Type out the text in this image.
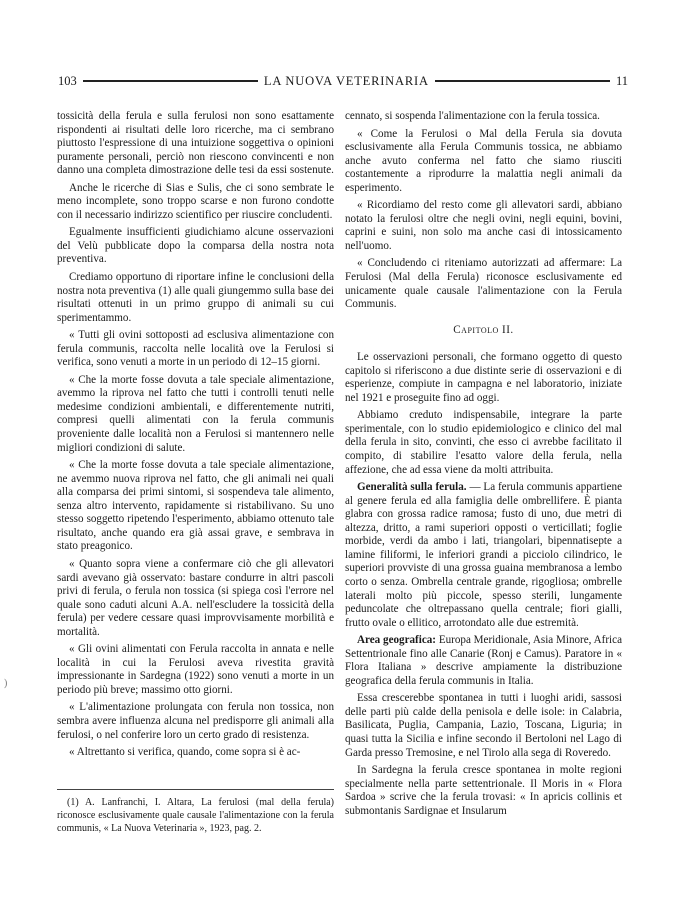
103	LA NUOVA VETERINARIA	11

tossicità della ferula e sulla ferulosi non sono esattamente rispondenti ai risultati delle loro ricerche, ma ci sembrano piuttosto l'espressione di una intuizione soggettiva o opinioni puramente personali, perciò non riescono convincenti e non danno una completa dimostrazione delle tesi da essi sostenute.

Anche le ricerche di Sias e Sulis, che ci sono sembrate le meno incomplete, sono troppo scarse e non furono condotte con il necessario indirizzo scientifico per riuscire concludenti.

Egualmente insufficienti giudichiamo alcune osservazioni del Velù pubblicate dopo la comparsa della nostra nota preventiva.

Crediamo opportuno di riportare infine le conclusioni della nostra nota preventiva (1) alle quali giungemmo sulla base dei risultati ottenuti in un primo gruppo di animali su cui sperimentammo.

« Tutti gli ovini sottoposti ad esclusiva alimentazione con ferula communis, raccolta nelle località ove la Ferulosi si verifica, sono venuti a morte in un periodo di 12–15 giorni.

« Che la morte fosse dovuta a tale speciale alimentazione, avemmo la riprova nel fatto che tutti i controlli tenuti nelle medesime condizioni ambientali, e differentemente nutriti, compresi quelli alimentati con la ferula communis proveniente dalle località non a Ferulosi si mantennero nelle migliori condizioni di salute.

« Che la morte fosse dovuta a tale speciale alimentazione, ne avemmo nuova riprova nel fatto, che gli animali nei quali alla comparsa dei primi sintomi, si sospendeva tale alimento, senza altro intervento, rapidamente si ristabilivano. Su uno stesso soggetto ripetendo l'esperimento, abbiamo ottenuto tale risultato, anche quando era già assai grave, e sembrava in stato preagonico.

« Quanto sopra viene a confermare ciò che gli allevatori sardi avevano già osservato: bastare condurre in altri pascoli privi di ferula, o ferula non tossica (si spiega così l'errore nel quale sono caduti alcuni A.A. nell'escludere la tossicità della ferula) per vedere cessare quasi improvvisamente morbilità e mortalità.

« Gli ovini alimentati con Ferula raccolta in annata e nelle località in cui la Ferulosi aveva rivestita gravità impressionante in Sardegna (1922) sono venuti a morte in un periodo più breve; massimo otto giorni.

« L'alimentazione prolungata con ferula non tossica, non sembra avere influenza alcuna nel predisporre gli animali alla ferulosi, o nel conferire loro un certo grado di resistenza.

« Altrettanto si verifica, quando, come sopra si è ac-

(1) A. Lanfranchi, I. Altara, La ferulosi (mal della ferula) riconosce esclusivamente quale causale l'alimentazione con la ferula communis, « La Nuova Veterinaria », 1923, pag. 2.

)

cennato, si sospenda l'alimentazione con la ferula tossica.

« Come la Ferulosi o Mal della Ferula sia dovuta esclusivamente alla Ferula Communis tossica, ne abbiamo anche avuto conferma nel fatto che siamo riusciti costantemente a riprodurre la malattia negli animali da esperimento.

« Ricordiamo del resto come gli allevatori sardi, abbiano notato la ferulosi oltre che negli ovini, negli equini, bovini, caprini e suini, non solo ma anche casi di intossicamento nell'uomo.

« Concludendo ci riteniamo autorizzati ad affermare: La Ferulosi (Mal della Ferula) riconosce esclusivamente ed unicamente quale causale l'alimentazione con la Ferula Communis.

Capitolo II.

Le osservazioni personali, che formano oggetto di questo capitolo si riferiscono a due distinte serie di osservazioni e di esperienze, compiute in campagna e nel laboratorio, iniziate nel 1921 e proseguite fino ad oggi.

Abbiamo creduto indispensabile, integrare la parte sperimentale, con lo studio epidemiologico e clinico del mal della ferula in sito, convinti, che esso ci avrebbe facilitato il compito, di stabilire l'esatto valore della ferula, nella affezione, che ad essa viene da molti attribuita.

Generalità sulla ferula. — La ferula communis appartiene al genere ferula ed alla famiglia delle ombrellifere. È pianta glabra con grossa radice ramosa; fusto di uno, due metri di altezza, dritto, a rami superiori opposti o verticillati; foglie morbide, verdi da ambo i lati, triangolari, bipennatisepte a lamine filiformi, le inferiori grandi a picciolo cilindrico, le superiori provviste di una grossa guaina membranosa a lembo corto o senza. Ombrella centrale grande, rigogliosa; ombrelle laterali molto più piccole, spesso sterili, lungamente peduncolate che oltrepassano quella centrale; fiori gialli, frutto ovale o ellitico, arrotondato alle due estremità.

Area geografica: Europa Meridionale, Asia Minore, Africa Settentrionale fino alle Canarie (Ronj e Camus). Paratore in « Flora Italiana » descrive ampiamente la distribuzione geografica della ferula communis in Italia.

Essa crescerebbe spontanea in tutti i luoghi aridi, sassosi delle parti più calde della penisola e delle isole: in Calabria, Basilicata, Puglia, Campania, Lazio, Toscana, Liguria; in quasi tutta la Sicilia e infine secondo il Bertoloni nel Lago di Garda presso Tremosine, e nel Tirolo alla sega di Roveredo.

In Sardegna la ferula cresce spontanea in molte regioni specialmente nella parte settentrionale. Il Moris in « Flora Sardoa » scrive che la ferula trovasi: « In apricis collinis et submontanis Sardignae et Insularum
